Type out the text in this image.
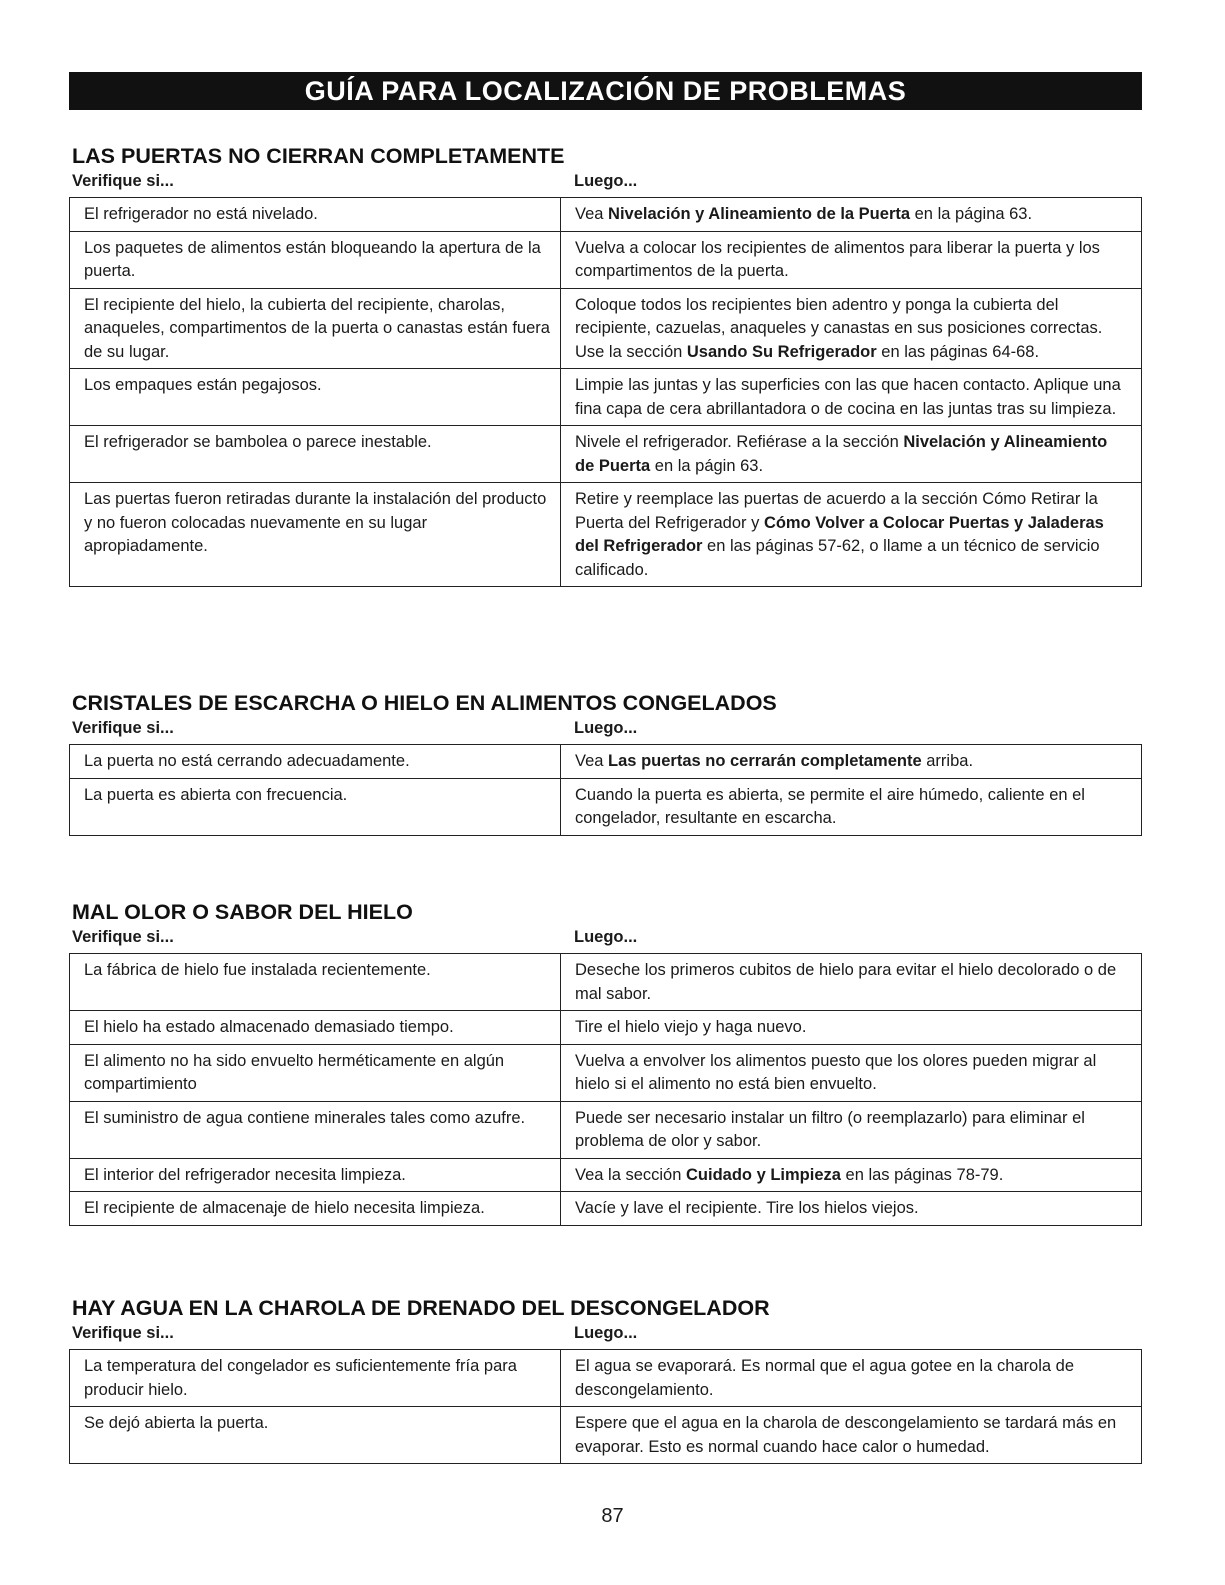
GUÍA PARA LOCALIZACIÓN DE PROBLEMAS
LAS PUERTAS NO CIERRAN COMPLETAMENTE
Verifique si...	Luego...
El refrigerador no está nivelado.	Vea Nivelación y Alineamiento de la Puerta en la página 63.
Los paquetes de alimentos están bloqueando la apertura de la puerta.	Vuelva a colocar los recipientes de alimentos para liberar la puerta y los compartimentos de la puerta.
El recipiente del hielo, la cubierta del recipiente, charolas, anaqueles, compartimentos de la puerta o canastas están fuera de su lugar.	Coloque todos los recipientes bien adentro y ponga la cubierta del recipiente, cazuelas, anaqueles y canastas en sus posiciones correctas. Use la sección Usando Su Refrigerador en las páginas 64-68.
Los empaques están pegajosos.	Limpie las juntas y las superficies con las que hacen contacto. Aplique una fina capa de cera abrillantadora o de cocina en las juntas tras su limpieza.
El refrigerador se bambolea o parece inestable.	Nivele el refrigerador. Refiérase a la sección Nivelación y Alineamiento de Puerta en la págin 63.
Las puertas fueron retiradas durante la instalación del producto y no fueron colocadas nuevamente en su lugar apropiadamente.	Retire y reemplace las puertas de acuerdo a la sección Cómo Retirar la Puerta del Refrigerador y Cómo Volver a Colocar Puertas y Jaladeras del Refrigerador en las páginas 57-62, o llame a un técnico de servicio calificado.
CRISTALES DE ESCARCHA O HIELO EN ALIMENTOS CONGELADOS
Verifique si...	Luego...
La puerta no está cerrando adecuadamente.	Vea Las puertas no cerrarán completamente arriba.
La puerta es abierta con frecuencia.	Cuando la puerta es abierta, se permite el aire húmedo, caliente en el congelador, resultante en escarcha.
MAL OLOR O SABOR DEL HIELO
Verifique si...	Luego...
La fábrica de hielo fue instalada recientemente.	Deseche los primeros cubitos de hielo para evitar el hielo decolorado o de mal sabor.
El hielo ha estado almacenado demasiado tiempo.	Tire el hielo viejo y haga nuevo.
El alimento no ha sido envuelto herméticamente en algún compartimiento	Vuelva a envolver los alimentos puesto que los olores pueden migrar al hielo si el alimento no está bien envuelto.
El suministro de agua contiene minerales tales como azufre.	Puede ser necesario instalar un filtro (o reemplazarlo) para eliminar el problema de olor y sabor.
El interior del refrigerador necesita limpieza.	Vea la sección Cuidado y Limpieza en las páginas 78-79.
El recipiente de almacenaje de hielo necesita limpieza.	Vacíe y lave el recipiente. Tire los hielos viejos.
HAY AGUA EN LA CHAROLA DE DRENADO DEL DESCONGELADOR
Verifique si...	Luego...
La temperatura del congelador es suficientemente fría para producir hielo.	El agua se evaporará. Es normal que el agua gotee en la charola de descongelamiento.
Se dejó abierta la puerta.	Espere que el agua en la charola de descongelamiento se tardará más en evaporar. Esto es normal cuando hace calor o humedad.
87
